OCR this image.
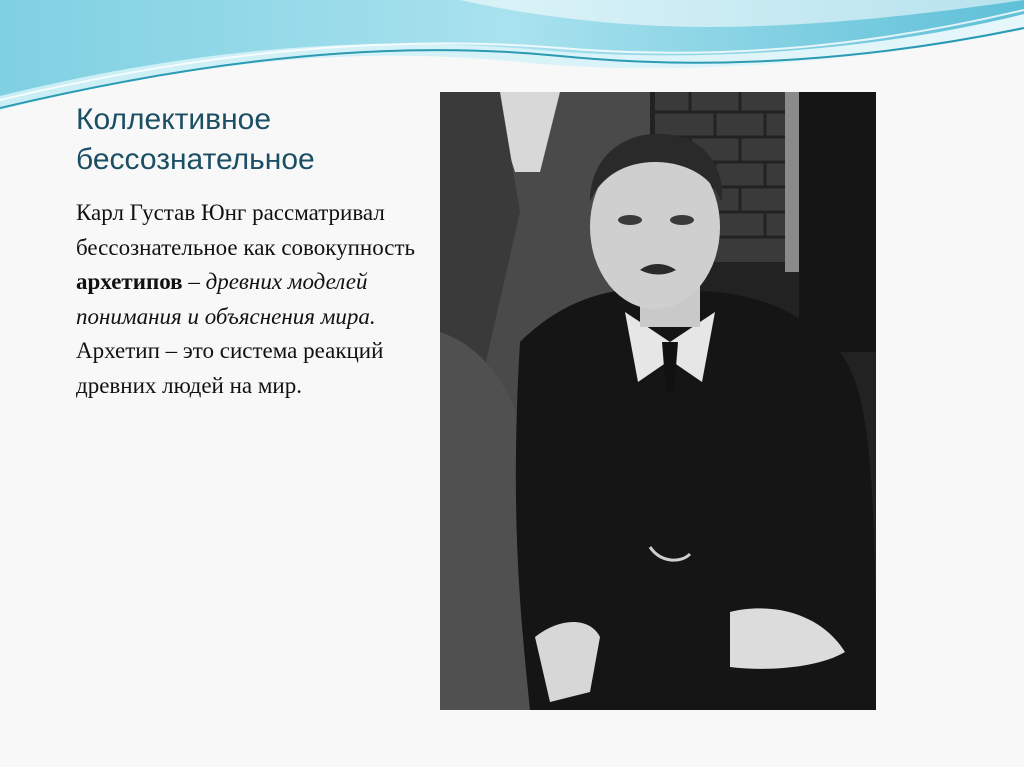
Коллективное бессознательное
Карл Густав Юнг рассматривал бессознательное как совокупность архетипов – древних моделей понимания и объяснения мира. Архетип – это система реакций древних людей на мир.
